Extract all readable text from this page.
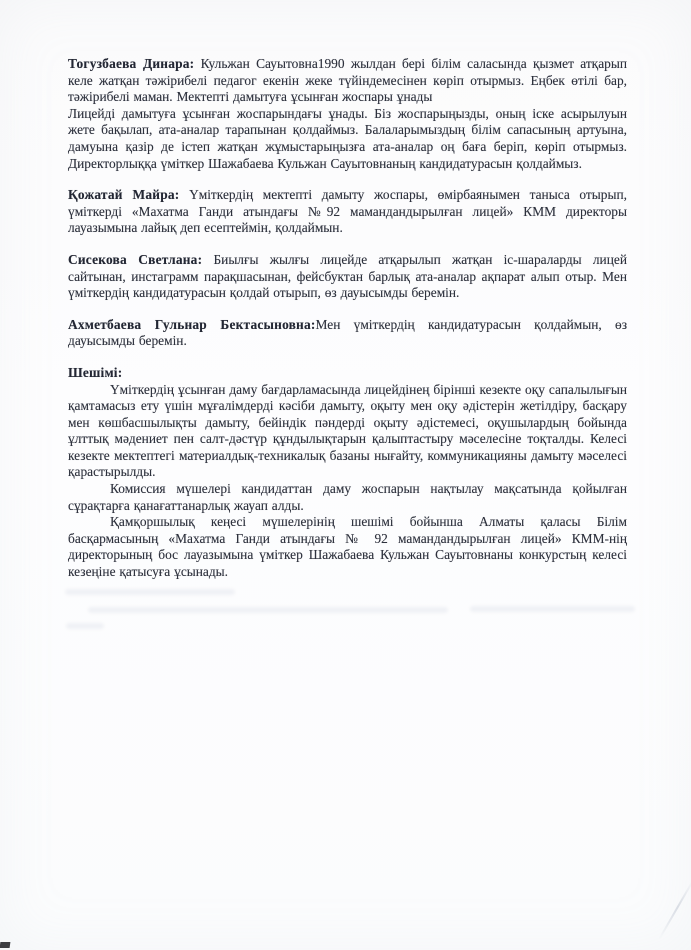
Тогузбаева Динара: Кульжан Сауытовна1990 жылдан бері білім саласында қызмет атқарып келе жатқан тәжірибелі педагог екенін жеке түйіндемесінен көріп отырмыз. Еңбек өтілі бар, тәжірибелі маман. Мектепті дамытуға ұсынған жоспары ұнады
Лицейді дамытуға ұсынған жоспарындағы ұнады. Біз жоспарыңызды, оның іске асырылуын жете бақылап, ата-аналар тарапынан қолдаймыз. Балаларымыздың білім сапасының артуына, дамуына қазір де істеп жатқан жұмыстарыңызға ата-аналар оң баға беріп, көріп отырмыз. Директорлыққа үміткер Шажабаева Кульжан Сауытовнаның кандидатурасын қолдаймыз.

Қожатай Майра: Үміткердің мектепті дамыту жоспары, өмірбаянымен таныса отырып, үміткерді «Махатма Ганди атындағы №92 мамандандырылған лицей» КММ директоры лауазымына лайық деп есептеймін, қолдаймын.

Сисекова Светлана: Биылғы жылғы лицейде атқарылып жатқан іс-шараларды лицей сайтынан, инстаграмм парақшасынан, фейсбуктан барлық ата-аналар ақпарат алып отыр. Мен үміткердің кандидатурасын қолдай отырып, өз дауысымды беремін.

Ахметбаева Гульнар Бектасыновна:Мен үміткердің кандидатурасын қолдаймын, өз дауысымды беремін.

Шешімі:

Үміткердің ұсынған даму бағдарламасында лицейдінең бірінші кезекте оқу сапалылығын қамтамасыз ету үшін мұғалімдерді кәсіби дамыту, оқыту мен оқу әдістерін жетілдіру, басқару мен көшбасшылықты дамыту, бейіндік пәндерді оқыту әдістемесі, оқушылардың бойында ұлттық мәдениет пен салт-дәстүр құндылықтарын қалыптастыру мәселесіне тоқталды. Келесі кезекте мектептегі материалдық-техникалық базаны нығайту, коммуникацияны дамыту мәселесі қарастырылды.

Комиссия мүшелері кандидаттан даму жоспарын нақтылау мақсатында қойылған сұрақтарға қанағаттанарлық жауап алды.

Қамқоршылық кеңесі мүшелерінің шешімі бойынша Алматы қаласы Білім басқармасының «Махатма Ганди атындағы № 92 мамандандырылған лицей» КММ-нің директорының бос лауазымына үміткер Шажабаева Кульжан Сауытовнаны конкурстың келесі кезеңіне қатысуға ұсынады.
